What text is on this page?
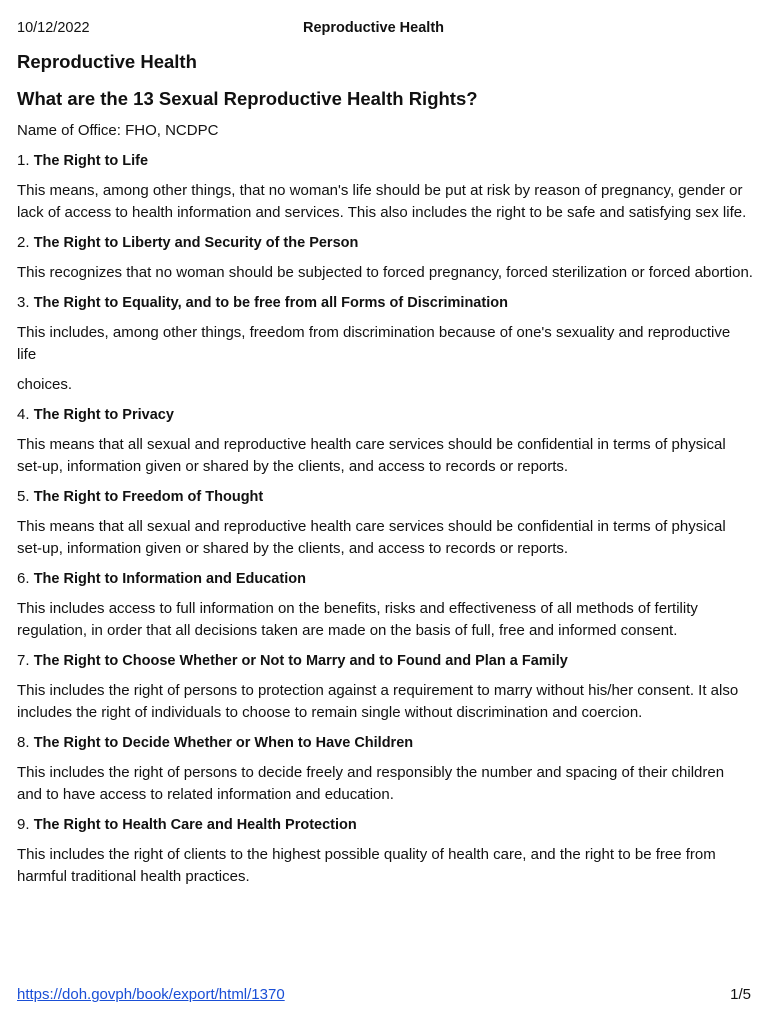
10/12/2022	Reproductive Health
Reproductive Health
What are the 13 Sexual Reproductive Health Rights?
Name of Office: FHO, NCDPC
1. The Right to Life
This means, among other things, that no woman's life should be put at risk by reason of pregnancy, gender or lack of access to health information and services. This also includes the right to be safe and satisfying sex life.
2. The Right to Liberty and Security of the Person
This recognizes that no woman should be subjected to forced pregnancy, forced sterilization or forced abortion.
3. The Right to Equality, and to be free from all Forms of Discrimination
This includes, among other things, freedom from discrimination because of one's sexuality and reproductive life
choices.
4. The Right to Privacy
This means that all sexual and reproductive health care services should be confidential in terms of physical set-up, information given or shared by the clients, and access to records or reports.
5. The Right to Freedom of Thought
This means that all sexual and reproductive health care services should be confidential in terms of physical set-up, information given or shared by the clients, and access to records or reports.
6. The Right to Information and Education
This includes access to full information on the benefits, risks and effectiveness of all methods of fertility regulation, in order that all decisions taken are made on the basis of full, free and informed consent.
7. The Right to Choose Whether or Not to Marry and to Found and Plan a Family
This includes the right of persons to protection against a requirement to marry without his/her consent. It also includes the right of individuals to choose to remain single without discrimination and coercion.
8. The Right to Decide Whether or When to Have Children
This includes the right of persons to decide freely and responsibly the number and spacing of their children and to have access to related information and education.
9. The Right to Health Care and Health Protection
This includes the right of clients to the highest possible quality of health care, and the right to be free from harmful traditional health practices.
https://doh.govph/book/export/html/1370	1/5
